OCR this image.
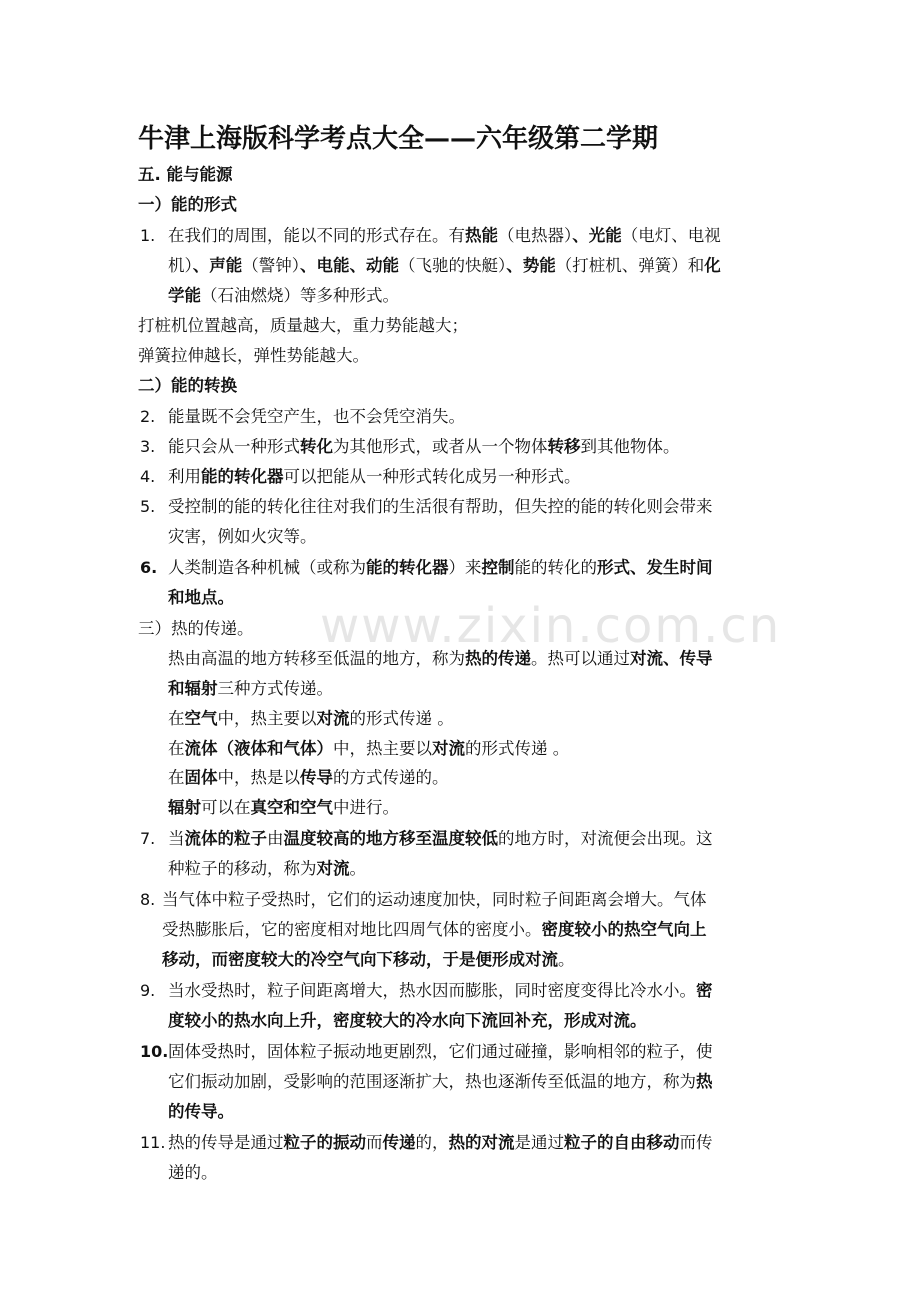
www.zixin.com.cn
牛津上海版科学考点大全——六年级第二学期
五. 能与能源
一）能的形式
1. 在我们的周围，能以不同的形式存在。有热能（电热器）、光能（电灯、电视
机）、声能（警钟）、电能、动能（飞驰的快艇）、势能（打桩机、弹簧）和化
学能（石油燃烧）等多种形式。
打桩机位置越高，质量越大，重力势能越大；
弹簧拉伸越长，弹性势能越大。
二）能的转换
2. 能量既不会凭空产生，也不会凭空消失。
3. 能只会从一种形式转化为其他形式，或者从一个物体转移到其他物体。
4. 利用能的转化器可以把能从一种形式转化成另一种形式。
5. 受控制的能的转化往往对我们的生活很有帮助，但失控的能的转化则会带来
灾害，例如火灾等。
6. 人类制造各种机械（或称为能的转化器）来控制能的转化的形式、发生时间
和地点。
三）热的传递。
热由高温的地方转移至低温的地方，称为热的传递。热可以通过对流、传导
和辐射三种方式传递。
在空气中，热主要以对流的形式传递 。
在流体（液体和气体）中，热主要以对流的形式传递 。
在固体中，热是以传导的方式传递的。
辐射可以在真空和空气中进行。
7. 当流体的粒子由温度较高的地方移至温度较低的地方时，对流便会出现。这
种粒子的移动，称为对流。
8. 当气体中粒子受热时，它们的运动速度加快，同时粒子间距离会增大。气体
受热膨胀后，它的密度相对地比四周气体的密度小。密度较小的热空气向上
移动，而密度较大的冷空气向下移动，于是便形成对流。
9. 当水受热时，粒子间距离增大，热水因而膨胀，同时密度变得比冷水小。密
度较小的热水向上升，密度较大的冷水向下流回补充，形成对流。
10. 固体受热时，固体粒子振动地更剧烈，它们通过碰撞，影响相邻的粒子，使
它们振动加剧，受影响的范围逐渐扩大，热也逐渐传至低温的地方，称为热
的传导。
11. 热的传导是通过粒子的振动而传递的，热的对流是通过粒子的自由移动而传
递的。
